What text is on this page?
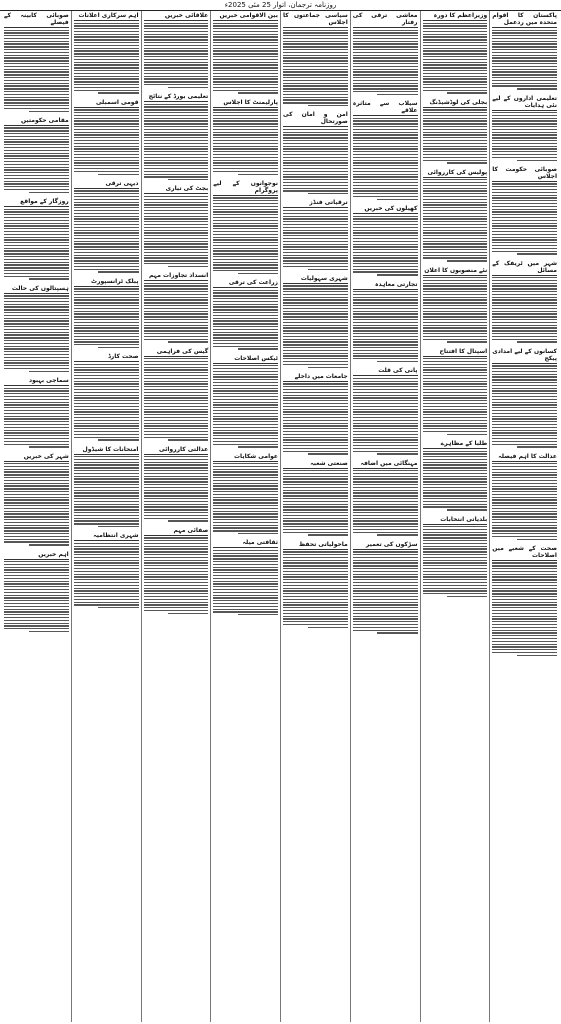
روزنامہ ترجمان، اتوار 25 مئی 2025ء
پاکستان کا اقوام متحدہ میں ردعمل
تعلیمی اداروں کے لیے نئی ہدایات
صوبائی حکومت کا اجلاس
شہر میں ٹریفک کے مسائل
کسانوں کے لیے امدادی پیکج
عدالت کا اہم فیصلہ
صحت کے شعبے میں اصلاحات
وزیراعظم کا دورہ
بجلی کی لوڈشیڈنگ
پولیس کی کارروائی
نئے منصوبوں کا اعلان
اسپتال کا افتتاح
طلبا کے مظاہرے
بلدیاتی انتخابات
معاشی ترقی کی رفتار
سیلاب سے متاثرہ علاقے
کھیلوں کی خبریں
تجارتی معاہدہ
پانی کی قلت
مہنگائی میں اضافہ
سڑکوں کی تعمیر
سیاسی جماعتوں کا اجلاس
امن و امان کی صورتحال
ترقیاتی فنڈز
شہری سہولیات
جامعات میں داخلے
صنعتی شعبہ
ماحولیاتی تحفظ
بین الاقوامی خبریں
پارلیمنٹ کا اجلاس
نوجوانوں کے لیے پروگرام
زراعت کی ترقی
ٹیکس اصلاحات
عوامی شکایات
ثقافتی میلہ
علاقائی خبریں
تعلیمی بورڈ کے نتائج
بجٹ کی تیاری
انسداد تجاوزات مہم
گیس کی فراہمی
عدالتی کارروائی
صفائی مہم
اہم سرکاری اعلانات
قومی اسمبلی
دیہی ترقی
پبلک ٹرانسپورٹ
صحت کارڈ
امتحانات کا شیڈول
شہری انتظامیہ
صوبائی کابینہ کے فیصلے
مقامی حکومتیں
روزگار کے مواقع
ہسپتالوں کی حالت
سماجی بہبود
شہر کی خبریں
اہم خبریں
